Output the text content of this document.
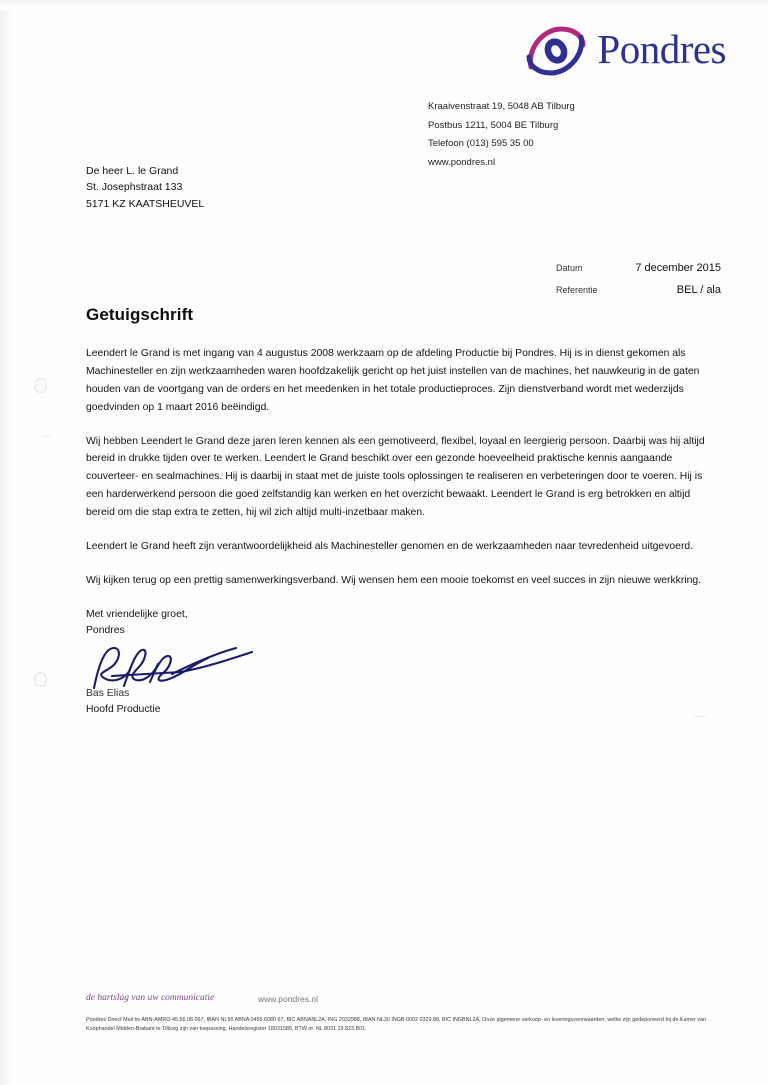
Pondres
Kraaivenstraat 19, 5048 AB Tilburg
Postbus 1211, 5004 BE Tilburg
Telefoon (013) 595 35 00
www.pondres.nl
De heer L. le Grand
St. Josephstraat 133
5171 KZ KAATSHEUVEL
Datum	7 december 2015
Referentie	BEL / ala
Getuigschrift

Leendert le Grand is met ingang van 4 augustus 2008 werkzaam op de afdeling Productie bij Pondres. Hij is in dienst gekomen als Machinesteller en zijn werkzaamheden waren hoofdzakelijk gericht op het juist instellen van de machines, het nauwkeurig in de gaten houden van de voortgang van de orders en het meedenken in het totale productieproces. Zijn dienstverband wordt met wederzijds goedvinden op 1 maart 2016 beëindigd.

Wij hebben Leendert le Grand deze jaren leren kennen als een gemotiveerd, flexibel, loyaal en leergierig persoon. Daarbij was hij altijd bereid in drukke tijden over te werken. Leendert le Grand beschikt over een gezonde hoeveelheid praktische kennis aangaande couverteer- en sealmachines. Hij is daarbij in staat met de juiste tools oplossingen te realiseren en verbeteringen door te voeren. Hij is een harderwerkend persoon die goed zelfstandig kan werken en het overzicht bewaakt. Leendert le Grand is erg betrokken en altijd bereid om die stap extra te zetten, hij wil zich altijd multi-inzetbaar maken.

Leendert le Grand heeft zijn verantwoordelijkheid als Machinesteller genomen en de werkzaamheden naar tevredenheid uitgevoerd.

Wij kijken terug op een prettig samenwerkingsverband. Wij wensen hem een mooie toekomst en veel succes in zijn nieuwe werkkring.

Met vriendelijke groet,
Pondres
Bas Elias
Hoofd Productie
de hartslag van uw communicatie	www.pondres.nl
Pondres Direct Mail bv ABN-AMRO 45.56.08.067, IBAN NL56 ABNA 0455 6080 67, BIC ABNANL2A, ING 2032988, IBAN NL30 INGB 0002 0329 88, BIC INGBNL2A, Onze algemene verkoop- en leveringsvoorwaarden, welke zijn gedeponeerd bij de Kamer van Koophandel Midden-Brabant te Tilburg zijn van toepassing. Handelsregister 18031585, BTW nr. NL 8031.19.823.B01.
